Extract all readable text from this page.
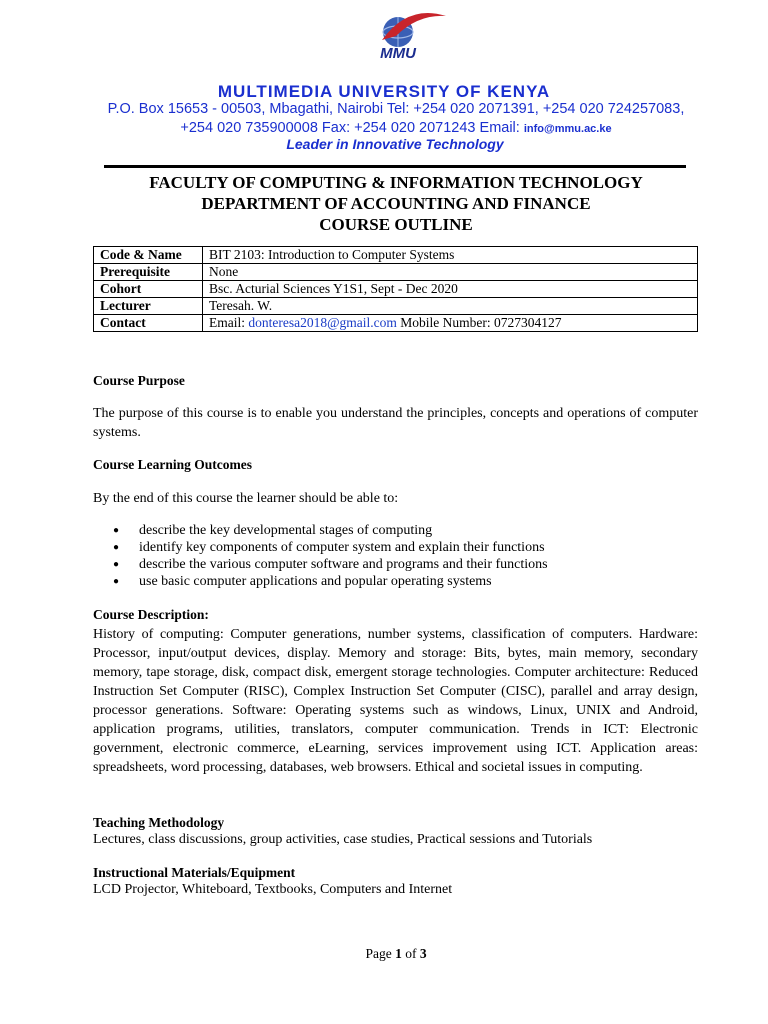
MMU
MULTIMEDIA UNIVERSITY OF KENYA
P.O. Box 15653 - 00503, Mbagathi, Nairobi Tel: +254 020 2071391, +254 020 724257083, +254 020 735900008 Fax: +254 020 2071243 Email: info@mmu.ac.ke
Leader in Innovative Technology
FACULTY OF COMPUTING & INFORMATION TECHNOLOGY
DEPARTMENT OF ACCOUNTING AND FINANCE
COURSE OUTLINE
Code & Name	BIT 2103: Introduction to Computer Systems
Prerequisite	None
Cohort	Bsc. Acturial Sciences Y1S1, Sept - Dec 2020
Lecturer	Teresah. W.
Contact	Email: donteresa2018@gmail.com Mobile Number: 0727304127
Course Purpose
The purpose of this course is to enable you understand the principles, concepts and operations of computer systems.
Course Learning Outcomes
By the end of this course the learner should be able to:
● describe the key developmental stages of computing
● identify key components of computer system and explain their functions
● describe the various computer software and programs and their functions
● use basic computer applications and popular operating systems
Course Description:
History of computing: Computer generations, number systems, classification of computers. Hardware: Processor, input/output devices, display. Memory and storage: Bits, bytes, main memory, secondary memory, tape storage, disk, compact disk, emergent storage technologies. Computer architecture: Reduced Instruction Set Computer (RISC), Complex Instruction Set Computer (CISC), parallel and array design, processor generations. Software: Operating systems such as windows, Linux, UNIX and Android, application programs, utilities, translators, computer communication. Trends in ICT: Electronic government, electronic commerce, eLearning, services improvement using ICT. Application areas: spreadsheets, word processing, databases, web browsers. Ethical and societal issues in computing.
Teaching Methodology
Lectures, class discussions, group activities, case studies, Practical sessions and Tutorials
Instructional Materials/Equipment
LCD Projector, Whiteboard, Textbooks, Computers and Internet
Page 1 of 3
